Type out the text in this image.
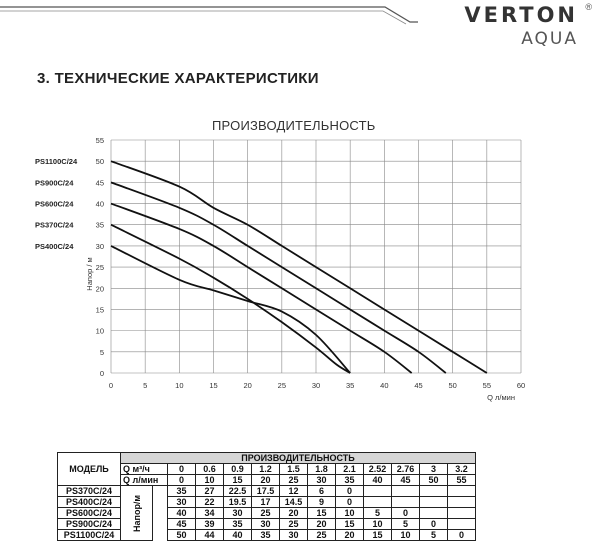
VERTON
AQUA
®
3. ТЕХНИЧЕСКИЕ ХАРАКТЕРИСТИКИ
ПРОИЗВОДИТЕЛЬНОСТЬ
0	5	10	15	20	25	30	35	40	45	50	55	60
0
5
10
15
20
25
30
35
40
45
50
55
Напор / м
Q л/мин
PS1100C/24
PS900C/24
PS600C/24
PS370C/24
PS400C/24
МОДЕЛЬ	ПРОИЗВОДИТЕЛЬНОСТЬ												
	Q м³/ч		0	0.6	0.9	1.2	1.5	1.8	2.1	2.52	2.76	3	3.2
	Q л/мин		0	10	15	20	25	30	35	40	45	50	55
PS370C/24	Напор/м		35	27	22.5	17.5	12	6	0				
PS400C/24			30	22	19.5	17	14.5	9	0				
PS600C/24			40	34	30	25	20	15	10	5	0		
PS900C/24			45	39	35	30	25	20	15	10	5	0	
PS1100C/24			50	44	40	35	30	25	20	15	10	5	0
